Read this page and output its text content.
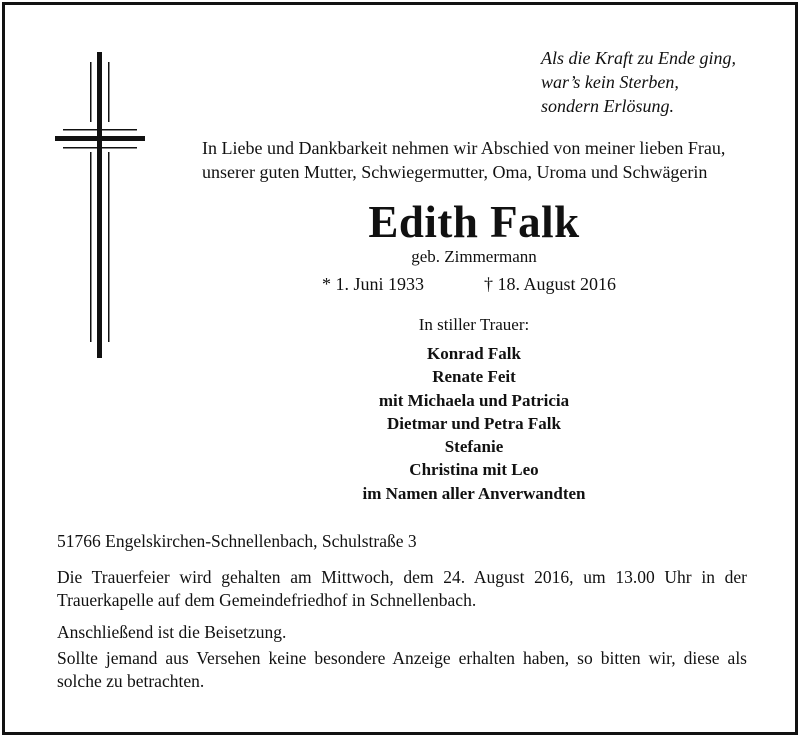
Als die Kraft zu Ende ging,
war’s kein Sterben,
sondern Erlösung.
In Liebe und Dankbarkeit nehmen wir Abschied von meiner lieben Frau,
unserer guten Mutter, Schwiegermutter, Oma, Uroma und Schwägerin
Edith Falk
geb. Zimmermann
* 1. Juni 1933	† 18. August 2016
In stiller Trauer:
Konrad Falk
Renate Feit
mit Michaela und Patricia
Dietmar und Petra Falk
Stefanie
Christina mit Leo
im Namen aller Anverwandten
51766 Engelskirchen-Schnellenbach, Schulstraße 3
Die Trauerfeier wird gehalten am Mittwoch, dem 24. August 2016, um 13.00 Uhr in der Trauerkapelle auf dem Gemeindefriedhof in Schnellenbach.
Anschließend ist die Beisetzung.
Sollte jemand aus Versehen keine besondere Anzeige erhalten haben, so bitten wir, diese als solche zu betrachten.
